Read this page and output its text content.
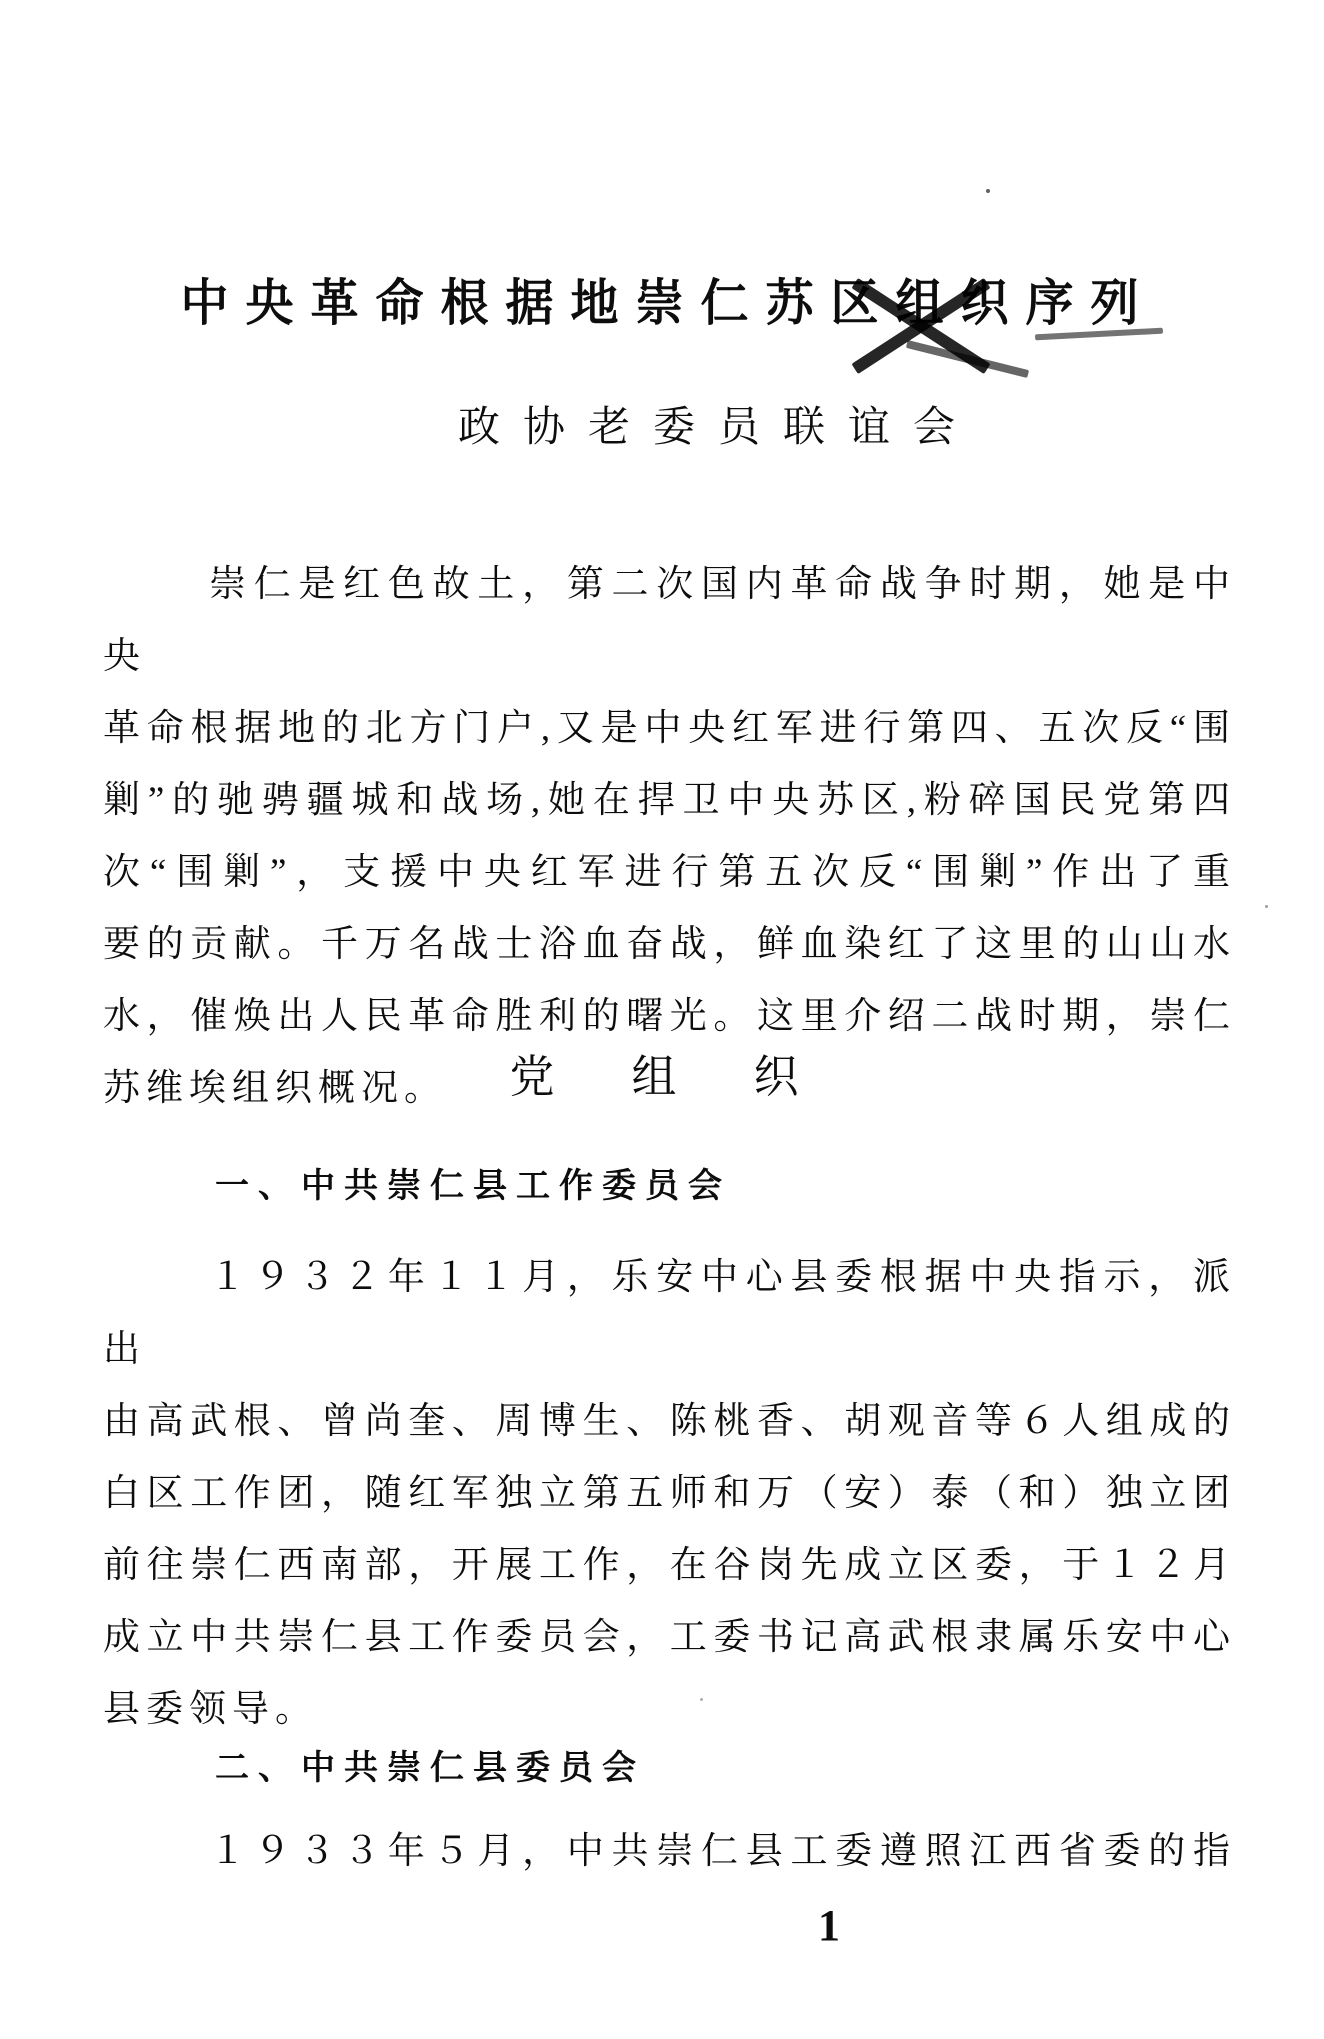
中央革命根据地崇仁苏区组织序列
政协老委员联谊会
崇仁是红色故土，第二次国内革命战争时期，她是中央
革命根据地的北方门户,又是中央红军进行第四、五次反“围
剿”的驰骋疆城和战场,她在捍卫中央苏区,粉碎国民党第四
次“围剿”，支援中央红军进行第五次反“围剿”作出了重
要的贡献。千万名战士浴血奋战，鲜血染红了这里的山山水
水，催焕出人民革命胜利的曙光。这里介绍二战时期，崇仁
苏维埃组织概况。	党　组　织
一、中共崇仁县工作委员会
１９３２年１１月，乐安中心县委根据中央指示，派出
由高武根、曾尚奎、周博生、陈桃香、胡观音等６人组成的
白区工作团，随红军独立第五师和万（安）泰（和）独立团
前往崇仁西南部，开展工作，在谷岗先成立区委，于１２月
成立中共崇仁县工作委员会，工委书记高武根隶属乐安中心
县委领导。
二、中共崇仁县委员会
１９３３年５月，中共崇仁县工委遵照江西省委的指
1
